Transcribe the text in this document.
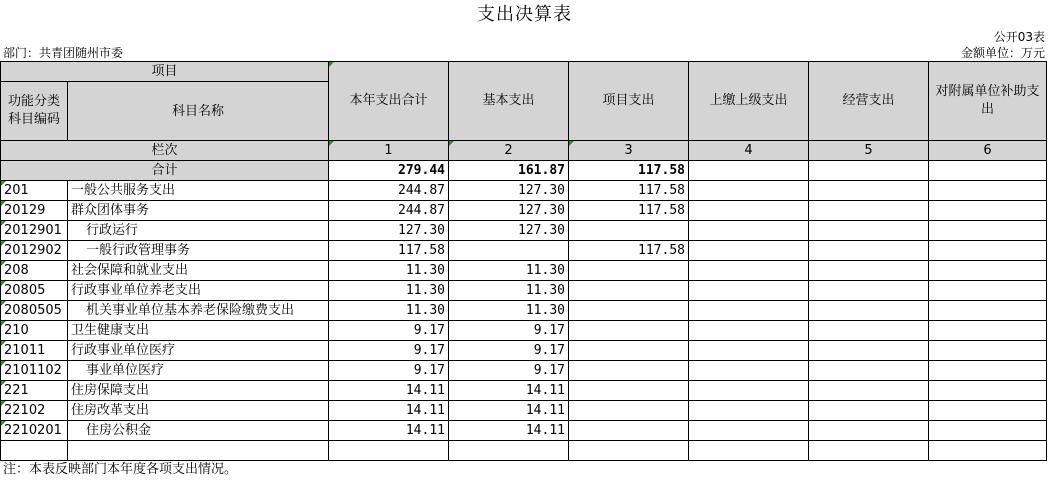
支出决算表
公开03表
部门：共青团随州市委	金额单位：万元
项目		本年支出合计	基本支出	项目支出	上缴上级支出	经营支出	对附属单位补助支出
功能分类科目编码	科目名称						
栏次		1	2	3	4	5	6
合计		279.44	161.87	117.58			
201	一般公共服务支出	244.87	127.30	117.58			
20129	群众团体事务	244.87	127.30	117.58			
2012901	行政运行	127.30	127.30				
2012902	一般行政管理事务	117.58		117.58			
208	社会保障和就业支出	11.30	11.30				
20805	行政事业单位养老支出	11.30	11.30				
2080505	机关事业单位基本养老保险缴费支出	11.30	11.30				
210	卫生健康支出	9.17	9.17				
21011	行政事业单位医疗	9.17	9.17				
2101102	事业单位医疗	9.17	9.17				
221	住房保障支出	14.11	14.11				
22102	住房改革支出	14.11	14.11				
2210201	住房公积金	14.11	14.11				

注：本表反映部门本年度各项支出情况。
